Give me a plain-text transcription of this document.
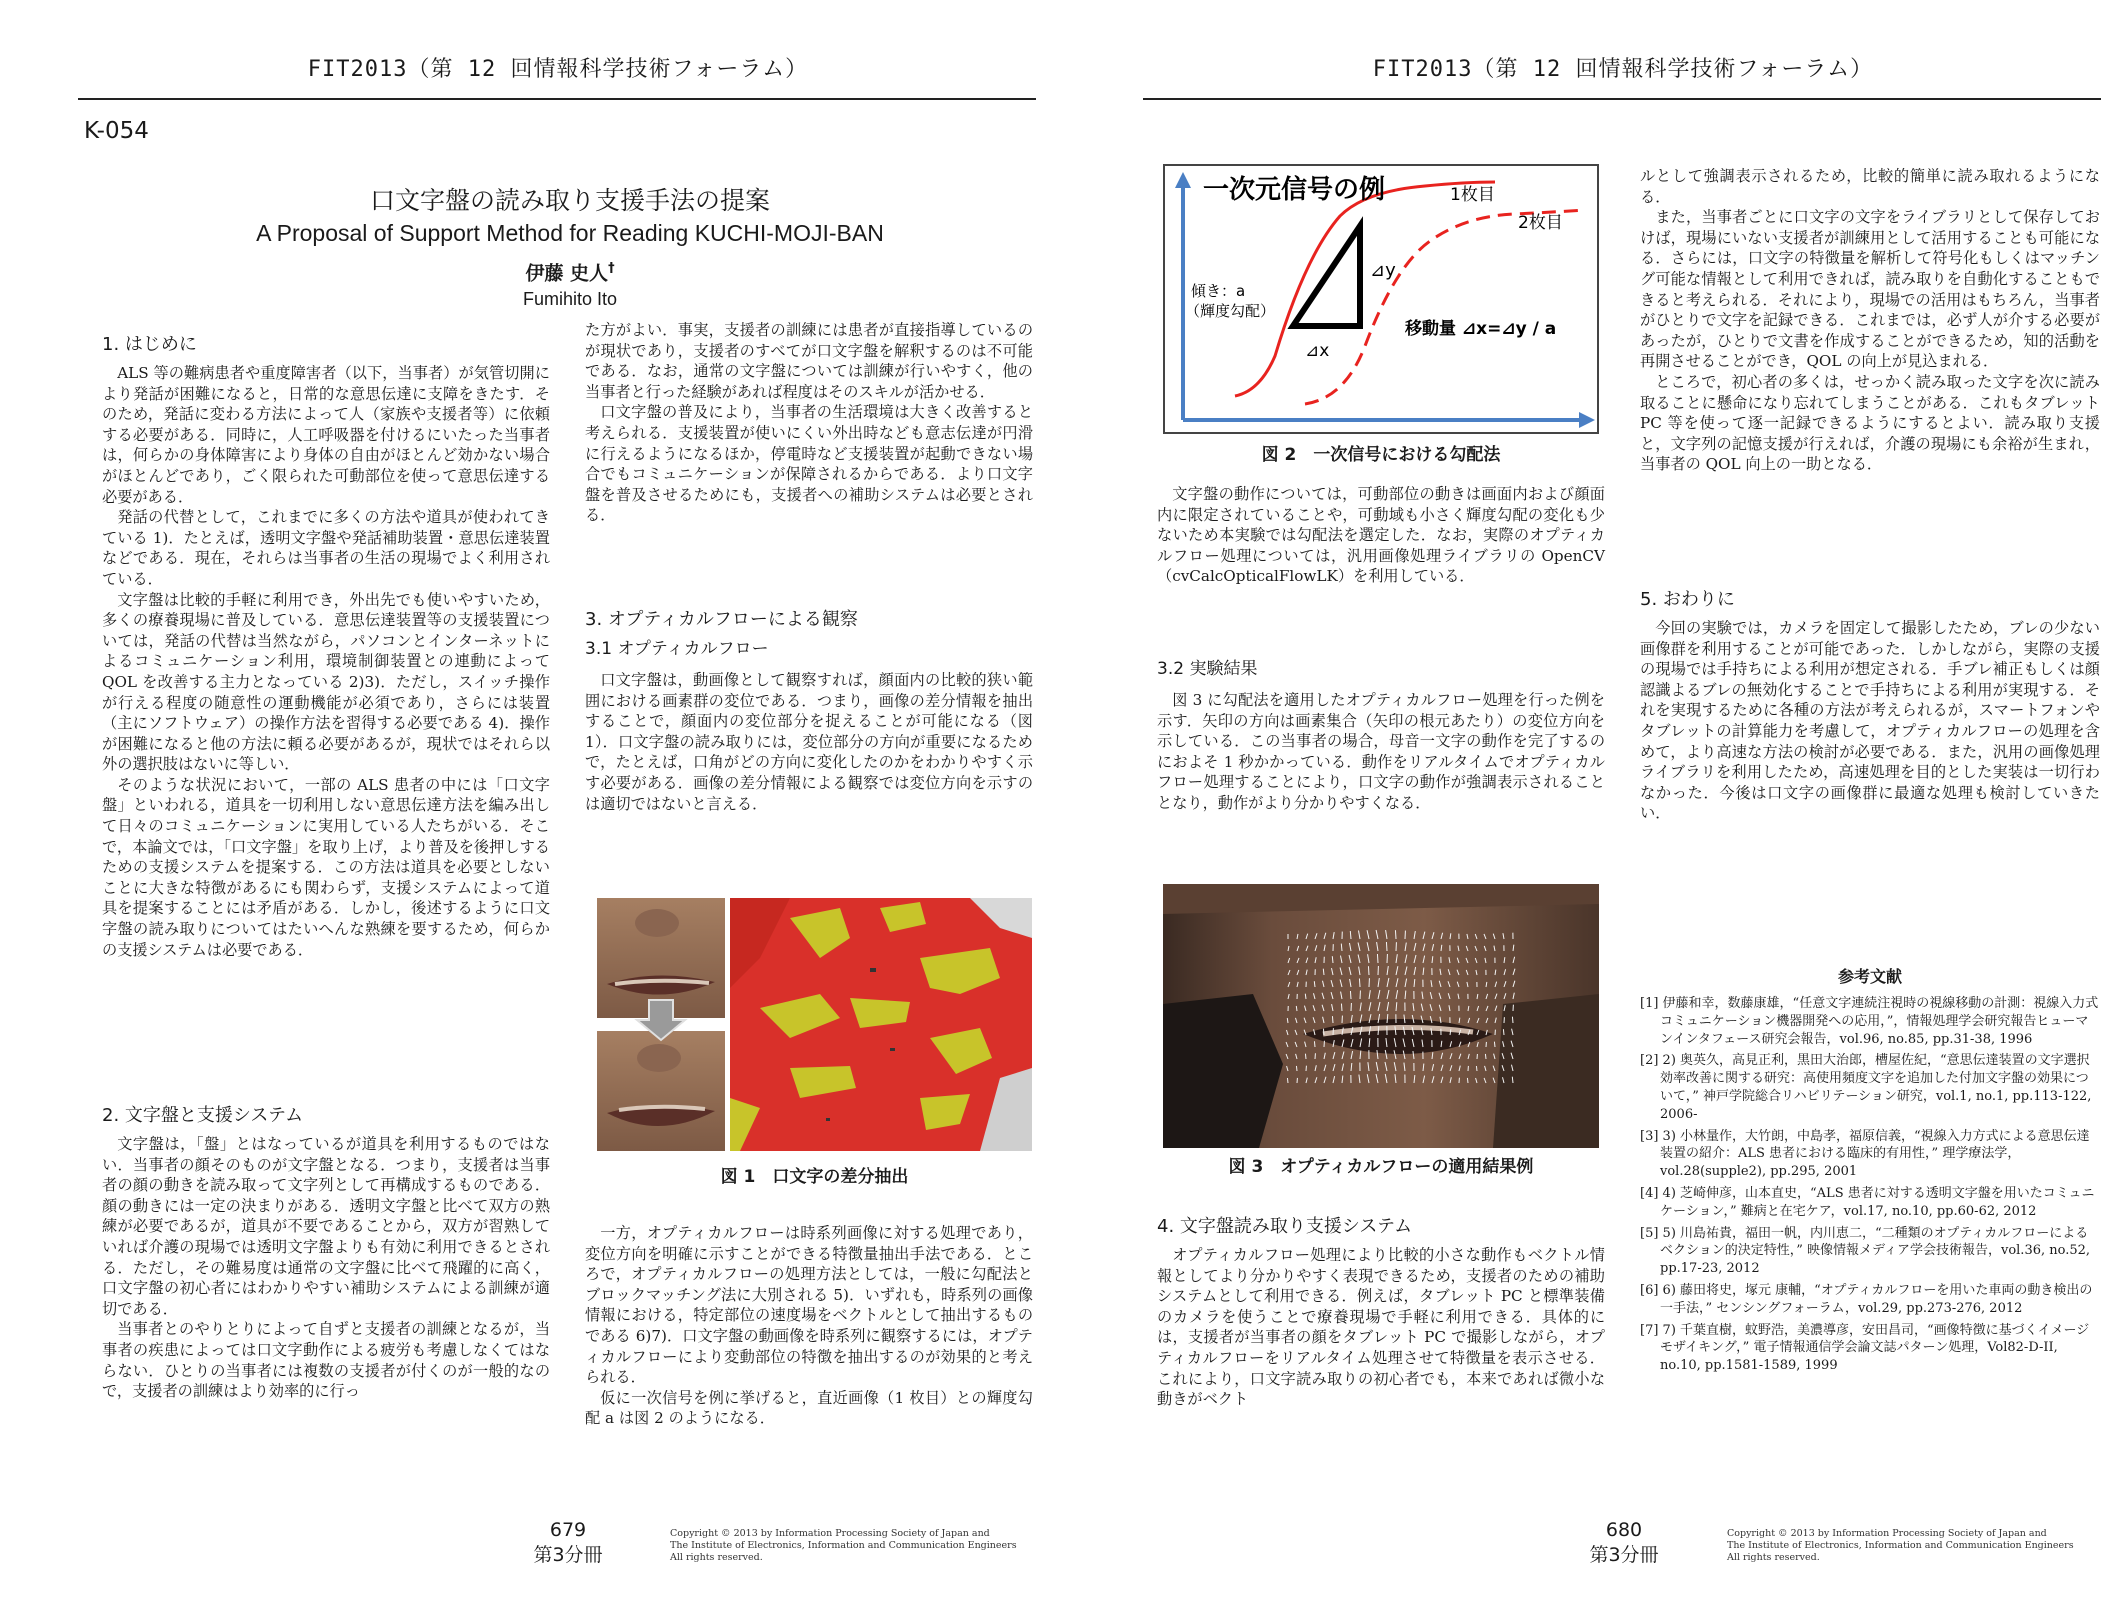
FIT2013（第 12 回情報科学技術フォーラム）
K-054
口文字盤の読み取り支援手法の提案
A Proposal of Support Method for Reading KUCHI-MOJI-BAN
伊藤 史人†
Fumihito Ito
1. はじめに

ALS 等の難病患者や重度障害者（以下，当事者）が気管切開により発話が困難になると，日常的な意思伝達に支障をきたす．そのため，発話に変わる方法によって人（家族や支援者等）に依頼する必要がある．同時に，人工呼吸器を付けるにいたった当事者は，何らかの身体障害により身体の自由がほとんど効かない場合がほとんどであり，ごく限られた可動部位を使って意思伝達する必要がある．

発話の代替として，これまでに多くの方法や道具が使われてきている 1)．たとえば，透明文字盤や発話補助装置・意思伝達装置などである．現在，それらは当事者の生活の現場でよく利用されている．

文字盤は比較的手軽に利用でき，外出先でも使いやすいため，多くの療養現場に普及している．意思伝達装置等の支援装置については，発話の代替は当然ながら，パソコンとインターネットによるコミュニケーション利用，環境制御装置との連動によって QOL を改善する主力となっている 2)3)．ただし，スイッチ操作が行える程度の随意性の運動機能が必須であり，さらには装置（主にソフトウェア）の操作方法を習得する必要である 4)．操作が困難になると他の方法に頼る必要があるが，現状ではそれら以外の選択肢はないに等しい．

そのような状況において，一部の ALS 患者の中には「口文字盤」といわれる，道具を一切利用しない意思伝達方法を編み出して日々のコミュニケーションに実用している人たちがいる．そこで，本論文では，「口文字盤」を取り上げ，より普及を後押しするための支援システムを提案する．この方法は道具を必要としないことに大きな特徴があるにも関わらず，支援システムによって道具を提案することには矛盾がある．しかし，後述するように口文字盤の読み取りについてはたいへんな熟練を要するため，何らかの支援システムは必要である．

2. 文字盤と支援システム

文字盤は，「盤」とはなっているが道具を利用するものではない．当事者の顔そのものが文字盤となる．つまり，支援者は当事者の顔の動きを読み取って文字列として再構成するものである．顔の動きには一定の決まりがある．透明文字盤と比べて双方の熟練が必要であるが，道具が不要であることから，双方が習熟していれば介護の現場では透明文字盤よりも有効に利用できるとされる．ただし，その難易度は通常の文字盤に比べて飛躍的に高く，口文字盤の初心者にはわかりやすい補助システムによる訓練が適切である．

当事者とのやりとりによって自ずと支援者の訓練となるが，当事者の疾患によっては口文字動作による疲労も考慮しなくてはならない．ひとりの当事者には複数の支援者が付くのが一般的なので，支援者の訓練はより効率的に行っ

た方がよい．事実，支援者の訓練には患者が直接指導しているのが現状であり，支援者のすべてが口文字盤を解釈するのは不可能である．なお，通常の文字盤については訓練が行いやすく，他の当事者と行った経験があれば程度はそのスキルが活かせる．

口文字盤の普及により，当事者の生活環境は大きく改善すると考えられる．支援装置が使いにくい外出時なども意志伝達が円滑に行えるようになるほか，停電時など支援装置が起動できない場合でもコミュニケーションが保障されるからである．より口文字盤を普及させるためにも，支援者への補助システムは必要とされる．

3. オプティカルフローによる観察
3.1 オプティカルフロー

口文字盤は，動画像として観察すれば，顔面内の比較的狭い範囲における画素群の変位である．つまり，画像の差分情報を抽出することで，顔面内の変位部分を捉えることが可能になる（図 1）．口文字盤の読み取りには，変位部分の方向が重要になるためで，たとえば，口角がどの方向に変化したのかをわかりやすく示す必要がある．画像の差分情報による観察では変位方向を示すのは適切ではないと言える．

図 1　口文字の差分抽出

一方，オプティカルフローは時系列画像に対する処理であり，変位方向を明確に示すことができる特徴量抽出手法である．ところで，オプティカルフローの処理方法としては，一般に勾配法とブロックマッチング法に大別される 5)．いずれも，時系列の画像情報における，特定部位の速度場をベクトルとして抽出するものである 6)7)．口文字盤の動画像を時系列に観察するには，オプティカルフローにより変動部位の特徴を抽出するのが効果的と考えられる．

仮に一次信号を例に挙げると，直近画像（1 枚目）との輝度勾配 a は図 2 のようになる．

679
第3分冊
Copyright © 2013 by Information Processing Society of Japan and
The Institute of Electronics, Information and Communication Engineers
All rights reserved.
FIT2013（第 12 回情報科学技術フォーラム）
一次元信号の例	1枚目
2枚目
傾き：a
（輝度勾配）
⊿y
⊿x
移動量 ⊿x=⊿y / a
図 2　一次信号における勾配法

文字盤の動作については，可動部位の動きは画面内および顔面内に限定されていることや，可動域も小さく輝度勾配の変化も少ないため本実験では勾配法を選定した．なお，実際のオプティカルフロー処理については，汎用画像処理ライブラリの OpenCV（cvCalcOpticalFlowLK）を利用している．

3.2 実験結果

図 3 に勾配法を適用したオプティカルフロー処理を行った例を示す．矢印の方向は画素集合（矢印の根元あたり）の変位方向を示している．この当事者の場合，母音一文字の動作を完了するのにおよそ 1 秒かかっている．動作をリアルタイムでオプティカルフロー処理することにより，口文字の動作が強調表示されることとなり，動作がより分かりやすくなる．

図 3　オプティカルフローの適用結果例
4. 文字盤読み取り支援システム

オプティカルフロー処理により比較的小さな動作もベクトル情報としてより分かりやすく表現できるため，支援者のための補助システムとして利用できる．例えば，タブレット PC と標準装備のカメラを使うことで療養現場で手軽に利用できる．具体的には，支援者が当事者の顔をタブレット PC で撮影しながら，オプティカルフローをリアルタイム処理させて特徴量を表示させる．これにより，口文字読み取りの初心者でも，本来であれば微小な動きがベクト

ルとして強調表示されるため，比較的簡単に読み取れるようになる．

また，当事者ごとに口文字の文字をライブラリとして保存しておけば，現場にいない支援者が訓練用として活用することも可能になる．さらには，口文字の特徴量を解析して符号化もしくはマッチング可能な情報として利用できれば，読み取りを自動化することもできると考えられる．それにより，現場での活用はもちろん，当事者がひとりで文字を記録できる．これまでは，必ず人が介する必要があったが，ひとりで文書を作成することができるため，知的活動を再開させることができ，QOL の向上が見込まれる．

ところで，初心者の多くは，せっかく読み取った文字を次に読み取ることに懸命になり忘れてしまうことがある．これもタブレット PC 等を使って逐一記録できるようにするとよい．読み取り支援と，文字列の記憶支援が行えれば，介護の現場にも余裕が生まれ，当事者の QOL 向上の一助となる．

5. おわりに

今回の実験では，カメラを固定して撮影したため，ブレの少ない画像群を利用することが可能であった．しかしながら，実際の支援の現場では手持ちによる利用が想定される．手ブレ補正もしくは顔認識よるブレの無効化することで手持ちによる利用が実現する．それを実現するために各種の方法が考えられるが，スマートフォンやタブレットの計算能力を考慮して，オプティカルフローの処理を含めて，より高速な方法の検討が必要である．また，汎用の画像処理ライブラリを利用したため，高速処理を目的とした実装は一切行わなかった．今後は口文字の画像群に最適な処理も検討していきたい．

参考文献
[1] 伊藤和幸，数藤康雄，“任意文字連続注視時の視線移動の計測：視線入力式コミュニケーション機器開発への応用，”，情報処理学会研究報告ヒューマンインタフェース研究会報告，vol.96, no.85, pp.31-38, 1996
[2] 2) 奥英久，高見正利，黒田大治郎，槽屋佐紀，“意思伝達装置の文字選択効率改善に関する研究：高使用頻度文字を追加した付加文字盤の効果について，” 神戸学院総合リハビリテーション研究，vol.1, no.1, pp.113-122, 2006-
[3] 3) 小林量作，大竹朗，中島孝，福原信義，“視線入力方式による意思伝達装置の紹介：ALS 患者における臨床的有用性，” 理学療法学，vol.28(supple2), pp.295, 2001
[4] 4) 芝崎伸彦，山本直史，“ALS 患者に対する透明文字盤を用いたコミュニケーション，” 難病と在宅ケア，vol.17, no.10, pp.60-62, 2012
[5] 5) 川島祐貴，福田一帆，内川恵二，“二種類のオプティカルフローによるベクション的決定特性，” 映像情報メディア学会技術報告，vol.36, no.52, pp.17-23, 2012
[6] 6) 藤田将史，塚元 康輔，“オプティカルフローを用いた車両の動き検出の一手法，” センシングフォーラム，vol.29, pp.273-276, 2012
[7] 7) 千葉直樹，蚊野浩，美濃導彦，安田昌司，“画像特徴に基づくイメージモザイキング，” 電子情報通信学会論文誌パターン処理，Vol82-D-II, no.10, pp.1581-1589, 1999
680
第3分冊
Copyright © 2013 by Information Processing Society of Japan and
The Institute of Electronics, Information and Communication Engineers
All rights reserved.
